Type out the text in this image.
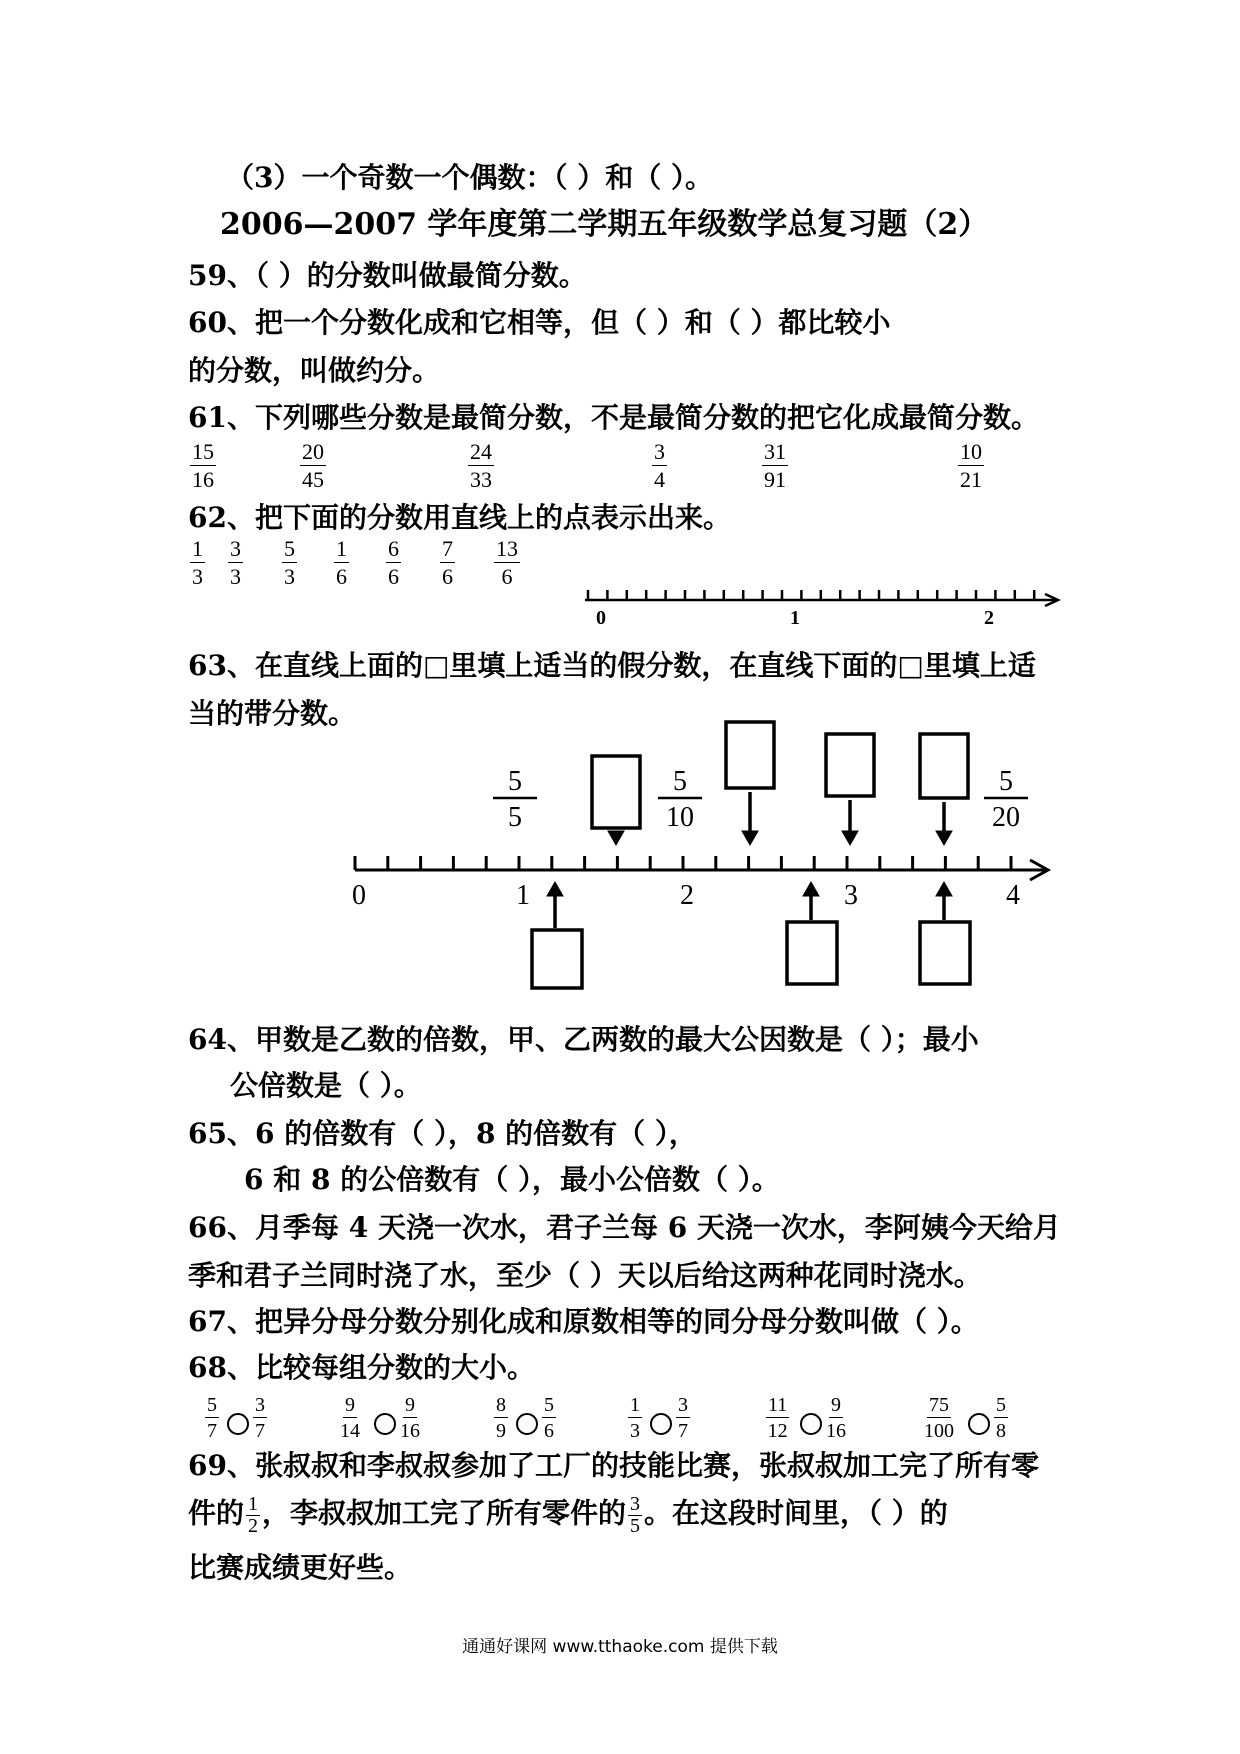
（3）一个奇数一个偶数：（ ）和（ ）。
2006—2007 学年度第二学期五年级数学总复习题（2）
59、（ ）的分数叫做最简分数。
60、把一个分数化成和它相等，但（ ）和（ ）都比较小
的分数，叫做约分。
61、下列哪些分数是最简分数，不是最简分数的把它化成最简分数。
$\frac{15}{16}$	$\frac{20}{45}$	$\frac{24}{33}$	$\frac{3}{4}$	$\frac{31}{91}$	$\frac{10}{21}$
62、把下面的分数用直线上的点表示出来。
$\frac{1}{3} \frac{3}{3} \frac{5}{3} \frac{1}{6} \frac{6}{6} \frac{7}{6} \frac{13}{6}$
0	1	2
63、在直线上面的□里填上适当的假分数，在直线下面的□里填上适
当的带分数。
0	1	2	3	4
5
5
5
10
5
20
64、甲数是乙数的倍数，甲、乙两数的最大公因数是（ ）；最小
公倍数是（ ）。
65、6 的倍数有（ ），8 的倍数有（ ），
6 和 8 的公倍数有（ ），最小公倍数（ ）。
66、月季每 4 天浇一次水，君子兰每 6 天浇一次水，李阿姨今天给月
季和君子兰同时浇了水，至少（ ）天以后给这两种花同时浇水。
67、把异分母分数分别化成和原数相等的同分母分数叫做（ ）。
68、比较每组分数的大小。
$\frac{5}{7} \frac{3}{7}$	$\frac{9}{14} \frac{9}{16}$	$\frac{8}{9} \frac{5}{6}$	$\frac{1}{3} \frac{3}{7}$	$\frac{11}{12} \frac{9}{16}$	$\frac{75}{100} \frac{5}{8}$
69、张叔叔和李叔叔参加了工厂的技能比赛，张叔叔加工完了所有零
件的 $\frac{1}{2}$ ，李叔叔加工完了所有零件的 $\frac{3}{5}$ 。在这段时间里，（ ）的
比赛成绩更好些。
通通好课网 www.tthaoke.com 提供下载
